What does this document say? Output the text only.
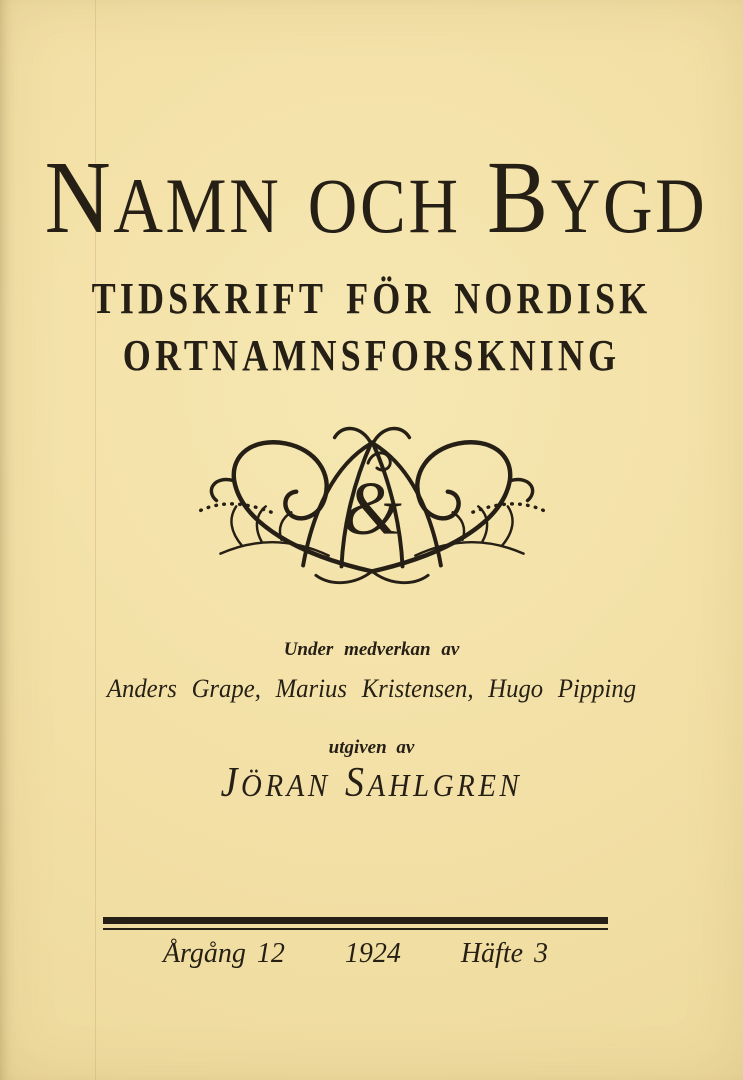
NAMN OCH BYGD
TIDSKRIFT FÖR NORDISK
ORTNAMNSFORSKNING
&
Under medverkan av
Anders Grape, Marius Kristensen, Hugo Pipping
utgiven av
JÖRAN SAHLGREN
Årgång 12 1924 Häfte 3
